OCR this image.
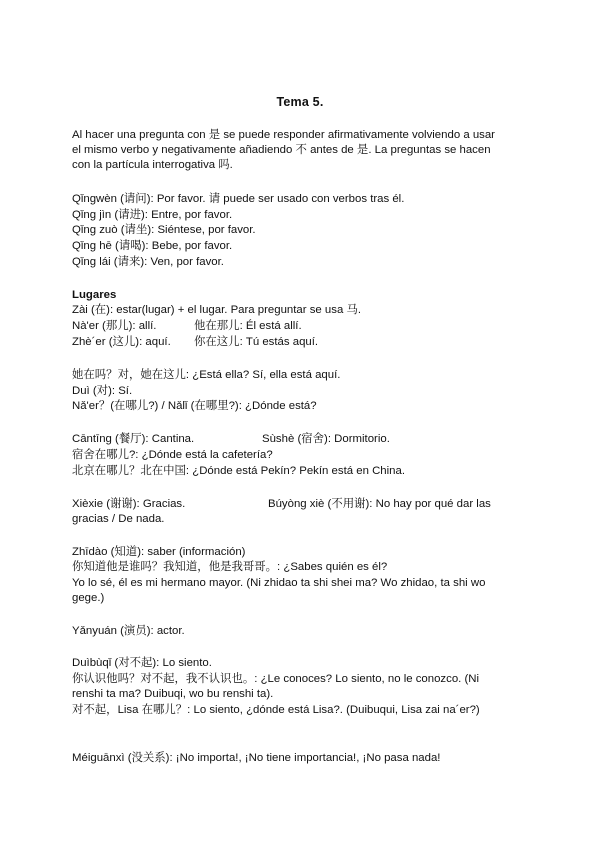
Tema 5.
Al hacer una pregunta con 是 se puede responder afirmativamente volviendo a usar
el mismo verbo y negativamente añadiendo 不 antes de 是. La preguntas se hacen
con la partícula interrogativa 吗.
Qǐngwèn (请问): Por favor. 请 puede ser usado con verbos tras él.
Qǐng jìn (请进): Entre, por favor.
Qǐng zuò (请坐): Siéntese, por favor.
Qǐng hē (请喝): Bebe, por favor.
Qǐng lái (请来): Ven, por favor.
Lugares
Zài (在): estar(lugar) + el lugar. Para preguntar se usa 马.
Nà'er (那儿): allí.	他在那儿: Él está allí.
Zhè´er (这儿): aquí. 你在这儿: Tú estás aquí.
她在吗？对，她在这儿: ¿Está ella? Sí, ella está aquí.
Duì (对): Sí.
Nǎ'er？(在哪儿?) / Nǎlǐ (在哪里?): ¿Dónde está?
Cāntīng (餐厅): Cantina.	Sùshè (宿舍): Dormitorio.
宿舍在哪儿?: ¿Dónde está la cafetería?
北京在哪儿？北在中国: ¿Dónde está Pekín? Pekín está en China.
Xièxie (谢谢): Gracias.	Búyòng xiè (不用谢): No hay por qué dar las
gracias / De nada.
Zhīdào (知道): saber (información)
你知道他是谁吗？我知道，他是我哥哥。: ¿Sabes quién es él?
Yo lo sé, él es mi hermano mayor. (Ni zhidao ta shi shei ma? Wo zhidao, ta shi wo
gege.)
Yǎnyuán (演员): actor.
Duìbùqǐ (对不起): Lo siento.
你认识他吗？对不起，我不认识也。: ¿Le conoces? Lo siento, no le conozco. (Ni
renshi ta ma? Duibuqi, wo bu renshi ta).
对不起，Lisa 在哪儿？: Lo siento, ¿dónde está Lisa?. (Duibuqui, Lisa zai na´er?)
Méiguānxì (没关系): ¡No importa!, ¡No tiene importancia!, ¡No pasa nada!
